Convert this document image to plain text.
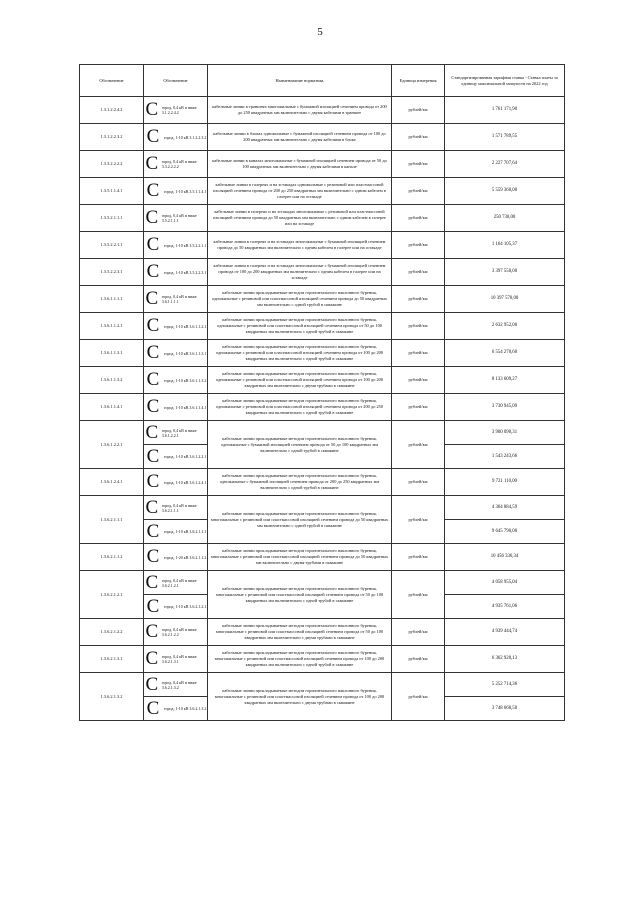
5
Обозначение	Обозначение	Наименование норматива	Единица измерения	Стандартизированная тарифная ставка - Ставка платы за единицу максимальной мощности на 2022 год
1.3.1.2.2.4.2	С город, 0,4 кВ и ниже 3.1.2.2.4.2	кабельные линии в траншеях многожильные с бумажной изоляцией сечением провода от 200 до 250 квадратных мм включительно с двумя кабелями в траншее	рублей/км	1 761 171,90
1.3.1.2.2.3.2	С город, 1-10 кВ 3.1.2.2.3.2	кабельные линии в блоках одножильные с бумажной изоляцией сечением провода от 100 до 200 квадратных мм включительно с двумя кабелями в блоке	рублей/км	1 571 789,55
1.3.3.2.2.2.2	С город, 0,4 кВ и ниже 3.3.2.2.2.2	кабельные линии в каналах многожильные с бумажной изоляцией сечением провода от 50 до 100 квадратных мм включительно с двумя кабелями в канале	рублей/км	2 227 707,64
1.3.5.1.1.4.1	С город, 1-10 кВ 3.5.1.1.4.1	кабельные линии в галереях и на эстакадах одножильные с резиновой или пластмассовой изоляцией сечением провода от 200 до 250 квадратных мм включительно с одним кабелем в галерее или на эстакаде	рублей/км	5 559 360,00
1.3.5.2.1.1.1	С город, 0,4 кВ и ниже 3.5.2.1.1.1	кабельные линии в галереях и на эстакадах многожильные с резиновой или пластмассовой изоляцией сечением провода до 50 квадратных мм включительно с одним кабелем в галерее или на эстакаде	рублей/км	250 730,00
1.3.5.2.2.1.1	С город, 1-10 кВ 3.5.2.2.1.1	кабельные линии в галереях и на эстакадах многожильные с бумажной изоляцией сечением провода до 50 квадратных мм включительно с одним кабелем в галерее или на эстакаде	рублей/км	1 164 105,37
1.3.5.2.2.3.1	С город, 1-10 кВ 3.5.2.2.3.1	кабельные линии в галереях и на эстакадах многожильные с бумажной изоляцией сечением провода от 100 до 200 квадратных мм включительно с одним кабелем в галерее или на эстакаде	рублей/км	3 397 550,00
1.3.6.1.1.1.1	С город, 0,4 кВ и ниже 3.6.1.1.1.1	кабельные линии прокладываемые методом горизонтального наклонного бурения, одножильные с резиновой или пластмассовой изоляцией сечением провода до 50 квадратных мм включительно с одной трубой в скважине	рублей/км	10 397 570,00
1.3.6.1.1.2.1	С город, 1-10 кВ 3.6.1.1.2.1	кабельные линии прокладываемые методом горизонтального наклонного бурения, одножильные с резиновой или пластмассовой изоляцией сечением провода от 50 до 100 квадратных мм включительно с одной трубой в скважине	рублей/км	2 632 952,00
1.3.6.1.1.3.1	С город, 1-10 кВ 3.6.1.1.3.1	кабельные линии прокладываемые методом горизонтального наклонного бурения, одножильные с резиновой или пластмассовой изоляцией сечением провода от 100 до 200 квадратных мм включительно с одной трубой в скважине	рублей/км	6 554 270,60
1.3.6.1.1.3.2	С город, 1-10 кВ 3.6.1.1.3.2	кабельные линии прокладываемые методом горизонтального наклонного бурения, одножильные с резиновой или пластмассовой изоляцией сечением провода от 100 до 200 квадратных мм включительно с двумя трубами в скважине	рублей/км	8 133 609,27
1.3.6.1.1.4.1	С город, 1-10 кВ 3.6.1.1.4.1	кабельные линии прокладываемые методом горизонтального наклонного бурения, одножильные с резиновой или пластмассовой изоляцией сечением провода от 200 до 250 квадратных мм включительно с одной трубой в скважине	рублей/км	3 730 945,09
1.3.6.1.2.2.1	С город, 0,4 кВ и ниже 3.6.1.2.2.1	кабельные линии прокладываемые методом горизонтального наклонного бурения, одножильные с бумажной изоляцией сечением провода от 50 до 100 квадратных мм включительно с одной трубой в скважине	рублей/км	3 900 090,31

	С город, 1-10 кВ 3.6.1.2.2.1			1 543 243,66
1.3.6.1.2.4.1	С город, 1-10 кВ 3.6.1.2.4.1	кабельные линии прокладываемые методом горизонтального наклонного бурения, одножильные с бумажной изоляцией сечением провода от 200 до 250 квадратных мм включительно с одной трубой в скважине	рублей/км	9 721 110,00
1.3.6.2.1.1.1	С город, 0,4 кВ и ниже 3.6.2.1.1.1	кабельные линии прокладываемые методом горизонтального наклонного бурения, многожильные с резиновой или пластмассовой изоляцией сечением провода до 50 квадратных мм включительно с одной трубой в скважине	рублей/км	4 364 884,59

	С город, 1-10 кВ 3.6.2.1.1.1			9 645 790,00
1.3.6.2.1.1.2	С город, 1-20 кВ 3.6.2.1.1.2	кабельные линии прокладываемые методом горизонтального наклонного бурения, многожильные с резиновой или пластмассовой изоляцией сечением провода до 50 квадратных мм включительно с двумя трубами в скважине	рублей/км	10 456 336,34
1.3.6.2.1.2.1	С город, 0,4 кВ и ниже 3.6.2.1.2.1	кабельные линии прокладываемые методом горизонтального наклонного бурения, многожильные с резиновой или пластмассовой изоляцией сечением провода от 50 до 100 квадратных мм включительно с одной трубой в скважине	рублей/км	4 058 955,04

	С город, 1-10 кВ 3.6.2.1.2.1			4 935 761,06
1.3.6.2.1.2.2	С город, 0,4 кВ и ниже 3.6.2.1.2.2	кабельные линии прокладываемые методом горизонтального наклонного бурения, многожильные с резиновой или пластмассовой изоляцией сечением провода от 50 до 100 квадратных мм включительно с двумя трубами в скважине	рублей/км	4 939 444,74
1.3.6.2.1.3.1	С город, 0,4 кВ и ниже 3.6.2.1.3.1	кабельные линии прокладываемые методом горизонтального наклонного бурения, многожильные с резиновой или пластмассовой изоляцией сечением провода от 100 до 200 квадратных мм включительно с одной трубой в скважине	рублей/км	6 362 920,13
1.3.6.2.1.3.2	С город, 0,4 кВ и ниже 3.6.2.1.3.2	кабельные линии прокладываемые методом горизонтального наклонного бурения, многожильные с резиновой или пластмассовой изоляцией сечением провода от 100 до 200 квадратных мм включительно с двумя трубами в скважине	рублей/км	5 252 714,36

	С город, 1-10 кВ 3.6.2.1.3.2			3 748 668,50
